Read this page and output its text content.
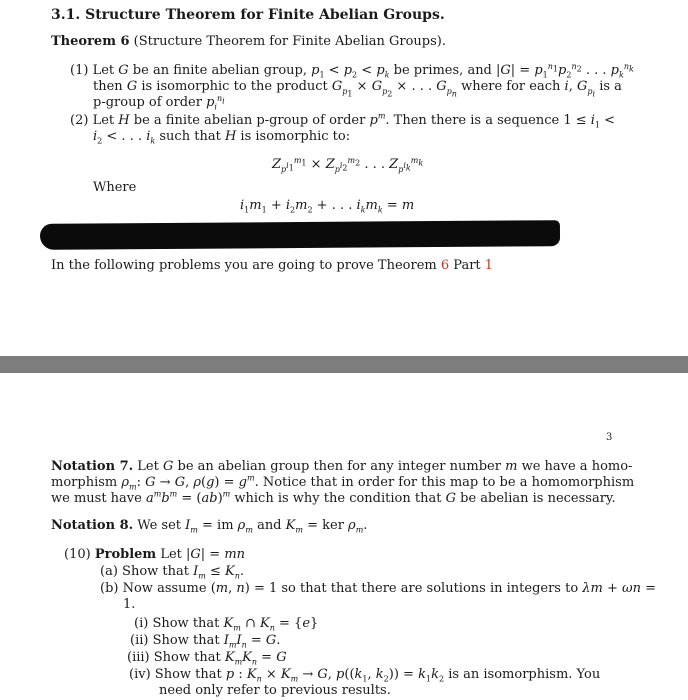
3.1. Structure Theorem for Finite Abelian Groups.
Theorem 6 (Structure Theorem for Finite Abelian Groups).
(1) Let G be an finite abelian group, $p_1 < p_2 < p_k$ be primes, and $|G| = p_1^{n_1}p_2^{n_2}$ . . . $p_k^{n_k}$
then G is isomorphic to the product $G_{p_1} \times G_{p_2}$ × . . . $G_{p_n}$ where for each i, $G_{p_i}$ is a
p-group of order $p_i^{n_i}$
(2) Let H be a finite abelian p-group of order $p^m$. Then there is a sequence $1 \le i_1$ <
$i_2$ < . . . $i_k$ such that H is isomorphic to:
$Z_{p^{i_1}}^{m_1} \times Z_{p^{i_2}}^{m_2}$ . . . $Z_{p^{i_k}}^{m_k}$
Where
$i_1m_1 + i_2m_2$ + . . . $i_km_k = m$
In the following problems you are going to prove Theorem 6 Part 1
3
Notation 7. Let G be an abelian group then for any integer number m we have a homo-
morphism $\rho_m$: G → G, $\rho(g) = g^m$. Notice that in order for this map to be a homomorphism
we must have $a^mb^m = (ab)^m$ which is why the condition that G be abelian is necessary.
Notation 8. We set $I_m$ = im $\rho_m$ and $K_m$ = ker $\rho_m$.
(10) Problem Let |G| = mn
(a) Show that $I_m \le K_n$.
(b) Now assume (m, n) = 1 so that that there are solutions in integers to λm + ωn =
1.
(i) Show that $K_m$ ∩ $K_n = \{e\}$
(ii) Show that $I_mI_n = G$.
(iii) Show that $K_mK_n = G$
(iv) Show that p : $K_n \times K_m \to G$, $p((k_1$, $k_2)) = k_1k_2$ is an isomorphism. You
need only refer to previous results.
